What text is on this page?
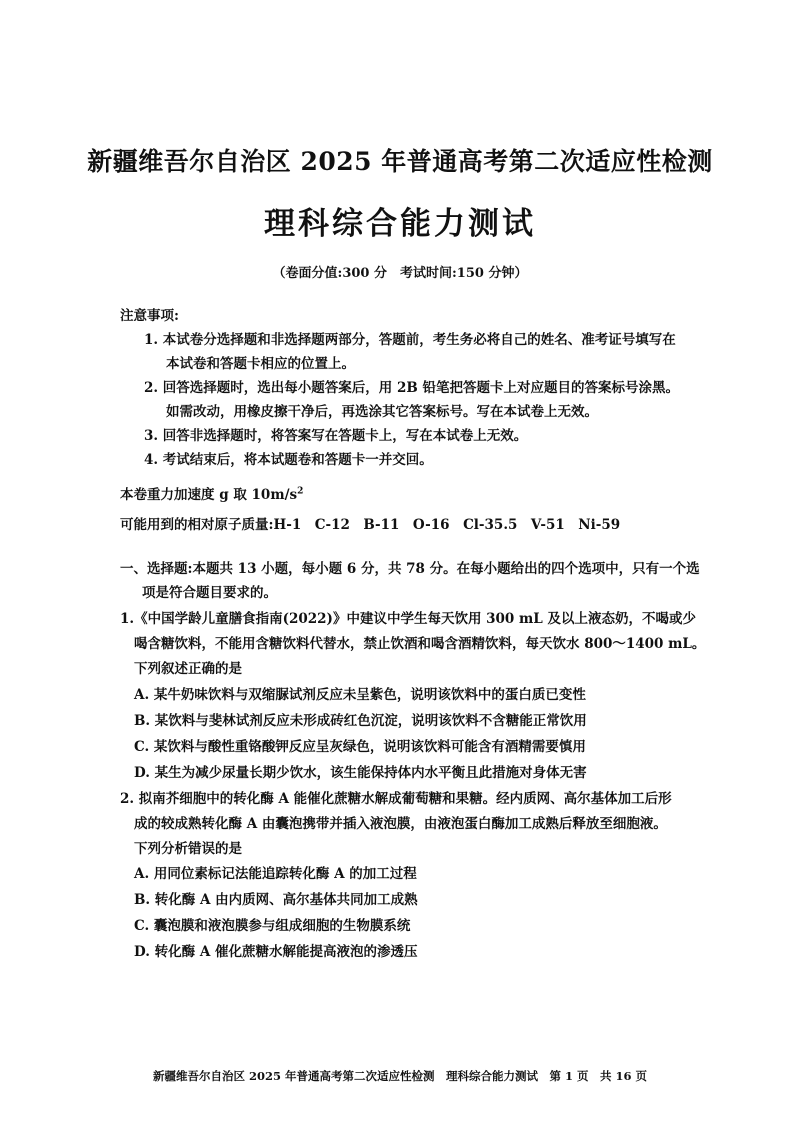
新疆维吾尔自治区 2025 年普通高考第二次适应性检测
理科综合能力测试
（卷面分值:300 分　考试时间:150 分钟）
注意事项:
1. 本试卷分选择题和非选择题两部分，答题前，考生务必将自己的姓名、准考证号填写在
本试卷和答题卡相应的位置上。
2. 回答选择题时，选出每小题答案后，用 2B 铅笔把答题卡上对应题目的答案标号涂黑。
如需改动，用橡皮擦干净后，再选涂其它答案标号。写在本试卷上无效。
3. 回答非选择题时，将答案写在答题卡上，写在本试卷上无效。
4. 考试结束后，将本试题卷和答题卡一并交回。
本卷重力加速度 g 取 $10m/s^2$
可能用到的相对原子质量:H-1　C-12　B-11　O-16　Cl-35.5　V-51　Ni-59
一、选择题:本题共 13 小题，每小题 6 分，共 78 分。在每小题给出的四个选项中，只有一个选
项是符合题目要求的。
1.《中国学龄儿童膳食指南(2022)》中建议中学生每天饮用 300 mL 及以上液态奶，不喝或少
喝含糖饮料，不能用含糖饮料代替水，禁止饮酒和喝含酒精饮料，每天饮水 800～1400 mL。
下列叙述正确的是
A. 某牛奶味饮料与双缩脲试剂反应未呈紫色，说明该饮料中的蛋白质已变性
B. 某饮料与斐林试剂反应未形成砖红色沉淀，说明该饮料不含糖能正常饮用
C. 某饮料与酸性重铬酸钾反应呈灰绿色，说明该饮料可能含有酒精需要慎用
D. 某生为减少尿量长期少饮水，该生能保持体内水平衡且此措施对身体无害
2. 拟南芥细胞中的转化酶 A 能催化蔗糖水解成葡萄糖和果糖。经内质网、高尔基体加工后形
成的较成熟转化酶 A 由囊泡携带并插入液泡膜，由液泡蛋白酶加工成熟后释放至细胞液。
下列分析错误的是
A. 用同位素标记法能追踪转化酶 A 的加工过程
B. 转化酶 A 由内质网、高尔基体共同加工成熟
C. 囊泡膜和液泡膜参与组成细胞的生物膜系统
D. 转化酶 A 催化蔗糖水解能提高液泡的渗透压
新疆维吾尔自治区 2025 年普通高考第二次适应性检测　理科综合能力测试　第 1 页　共 16 页
